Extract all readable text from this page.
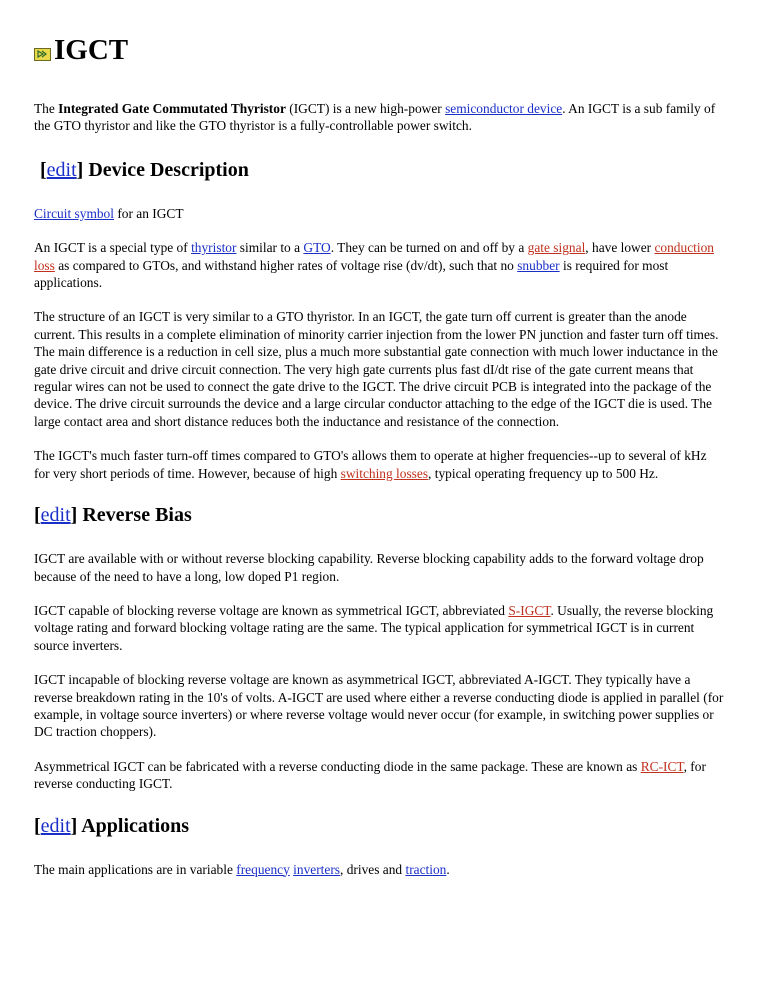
IGCT

The Integrated Gate Commutated Thyristor (IGCT) is a new high-power semiconductor device. An IGCT is a sub family of the GTO thyristor and like the GTO thyristor is a fully-controllable power switch.

[edit] Device Description

Circuit symbol for an IGCT

An IGCT is a special type of thyristor similar to a GTO. They can be turned on and off by a gate signal, have lower conduction loss as compared to GTOs, and withstand higher rates of voltage rise (dv/dt), such that no snubber is required for most applications.

The structure of an IGCT is very similar to a GTO thyristor. In an IGCT, the gate turn off current is greater than the anode current. This results in a complete elimination of minority carrier injection from the lower PN junction and faster turn off times. The main difference is a reduction in cell size, plus a much more substantial gate connection with much lower inductance in the gate drive circuit and drive circuit connection. The very high gate currents plus fast dI/dt rise of the gate current means that regular wires can not be used to connect the gate drive to the IGCT. The drive circuit PCB is integrated into the package of the device. The drive circuit surrounds the device and a large circular conductor attaching to the edge of the IGCT die is used. The large contact area and short distance reduces both the inductance and resistance of the connection.

The IGCT's much faster turn-off times compared to GTO's allows them to operate at higher frequencies--up to several of kHz for very short periods of time. However, because of high switching losses, typical operating frequency up to 500 Hz.

[edit] Reverse Bias

IGCT are available with or without reverse blocking capability. Reverse blocking capability adds to the forward voltage drop because of the need to have a long, low doped P1 region.

IGCT capable of blocking reverse voltage are known as symmetrical IGCT, abbreviated S-IGCT. Usually, the reverse blocking voltage rating and forward blocking voltage rating are the same. The typical application for symmetrical IGCT is in current source inverters.

IGCT incapable of blocking reverse voltage are known as asymmetrical IGCT, abbreviated A-IGCT. They typically have a reverse breakdown rating in the 10's of volts. A-IGCT are used where either a reverse conducting diode is applied in parallel (for example, in voltage source inverters) or where reverse voltage would never occur (for example, in switching power supplies or DC traction choppers).

Asymmetrical IGCT can be fabricated with a reverse conducting diode in the same package. These are known as RC-ICT, for reverse conducting IGCT.

[edit] Applications

The main applications are in variable frequency inverters, drives and traction.
